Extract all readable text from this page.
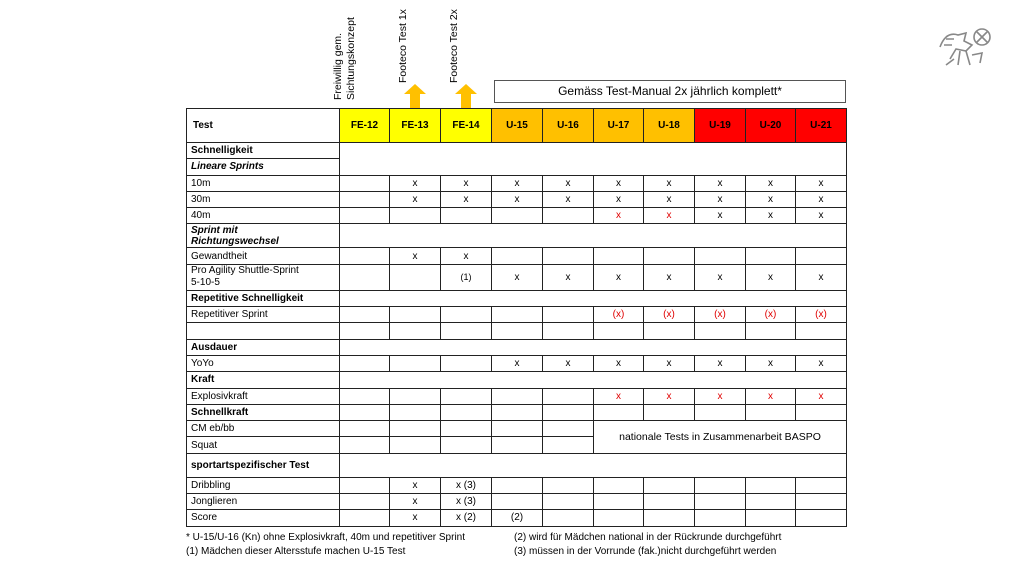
Freiwillig gem. Sichtungskonzept	Footeco Test 1x	Footeco Test 2x
Gemäss Test-Manual 2x jährlich komplett*
Test	FE-12	FE-13	FE-14	U-15	U-16	U-17	U-18	U-19	U-20	U-21
Schnelligkeit										
Lineare Sprints										
10m		x	x	x	x	x	x	x	x	x
30m		x	x	x	x	x	x	x	x	x
40m						x	x	x	x	x

Sprint mit
Richtungswechsel										

Gewandtheit		x	x							

Pro Agility Shuttle-Sprint
5-10-5			(1)	x	x	x	x	x	x	x
Repetitive Schnelligkeit										
Repetitiver Sprint						(x)	(x)	(x)	(x)	(x)

Ausdauer										
YoYo				x	x	x	x	x	x	x
Kraft										
Explosivkraft						x	x	x	x	x
Schnellkraft										
CM eb/bb						nationale Tests in Zusammenarbeit BASPO				
Squat										
sportartspezifischer Test										
Dribbling		x	x (3)							
Jonglieren		x	x (3)							
Score		x	x (2)	(2)						
* U-15/U-16 (Kn) ohne Explosivkraft, 40m und repetitiver Sprint
(1) Mädchen dieser Altersstufe machen U-15 Test
(2) wird für Mädchen national in der Rückrunde durchgeführt
(3) müssen in der Vorrunde (fak.)nicht durchgeführt werden
